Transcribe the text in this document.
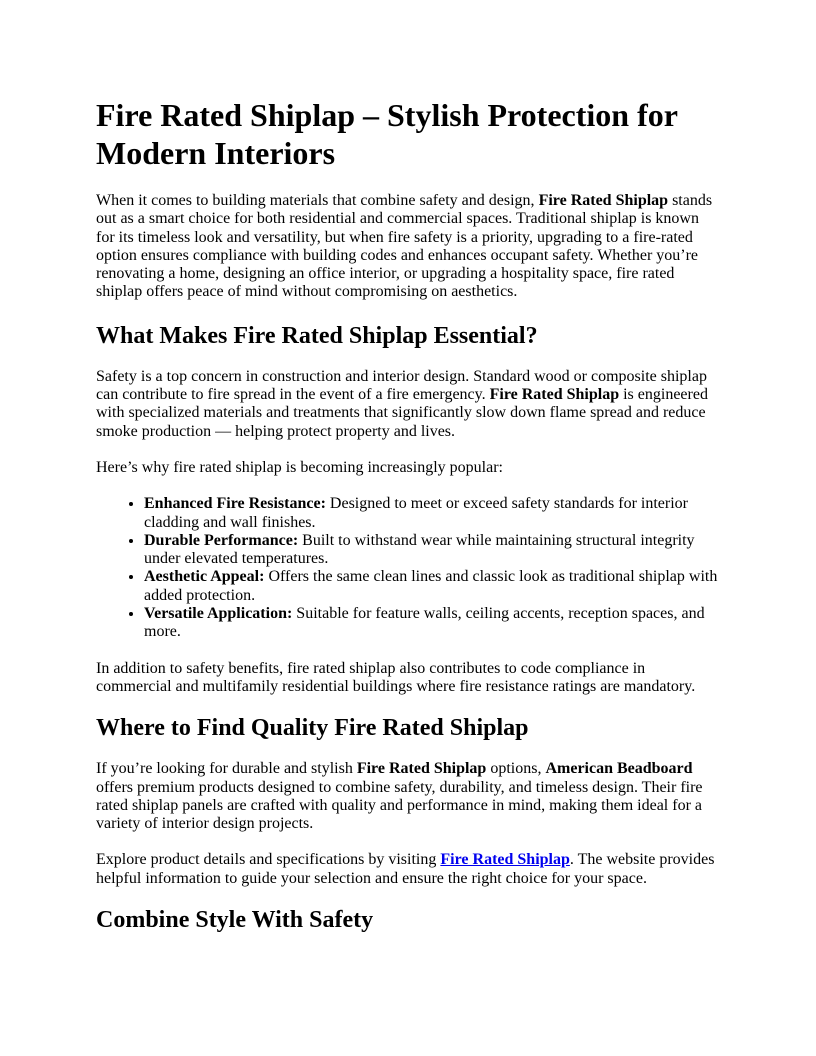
Fire Rated Shiplap – Stylish Protection for Modern Interiors

When it comes to building materials that combine safety and design, Fire Rated Shiplap stands out as a smart choice for both residential and commercial spaces. Traditional shiplap is known for its timeless look and versatility, but when fire safety is a priority, upgrading to a fire-rated option ensures compliance with building codes and enhances occupant safety. Whether you’re renovating a home, designing an office interior, or upgrading a hospitality space, fire rated shiplap offers peace of mind without compromising on aesthetics.

What Makes Fire Rated Shiplap Essential?

Safety is a top concern in construction and interior design. Standard wood or composite shiplap can contribute to fire spread in the event of a fire emergency. Fire Rated Shiplap is engineered with specialized materials and treatments that significantly slow down flame spread and reduce smoke production — helping protect property and lives.

Here’s why fire rated shiplap is becoming increasingly popular:

• Enhanced Fire Resistance: Designed to meet or exceed safety standards for interior cladding and wall finishes.
• Durable Performance: Built to withstand wear while maintaining structural integrity under elevated temperatures.
• Aesthetic Appeal: Offers the same clean lines and classic look as traditional shiplap with added protection.
• Versatile Application: Suitable for feature walls, ceiling accents, reception spaces, and more.

In addition to safety benefits, fire rated shiplap also contributes to code compliance in commercial and multifamily residential buildings where fire resistance ratings are mandatory.

Where to Find Quality Fire Rated Shiplap

If you’re looking for durable and stylish Fire Rated Shiplap options, American Beadboard offers premium products designed to combine safety, durability, and timeless design. Their fire rated shiplap panels are crafted with quality and performance in mind, making them ideal for a variety of interior design projects.

Explore product details and specifications by visiting Fire Rated Shiplap. The website provides helpful information to guide your selection and ensure the right choice for your space.

Combine Style With Safety
